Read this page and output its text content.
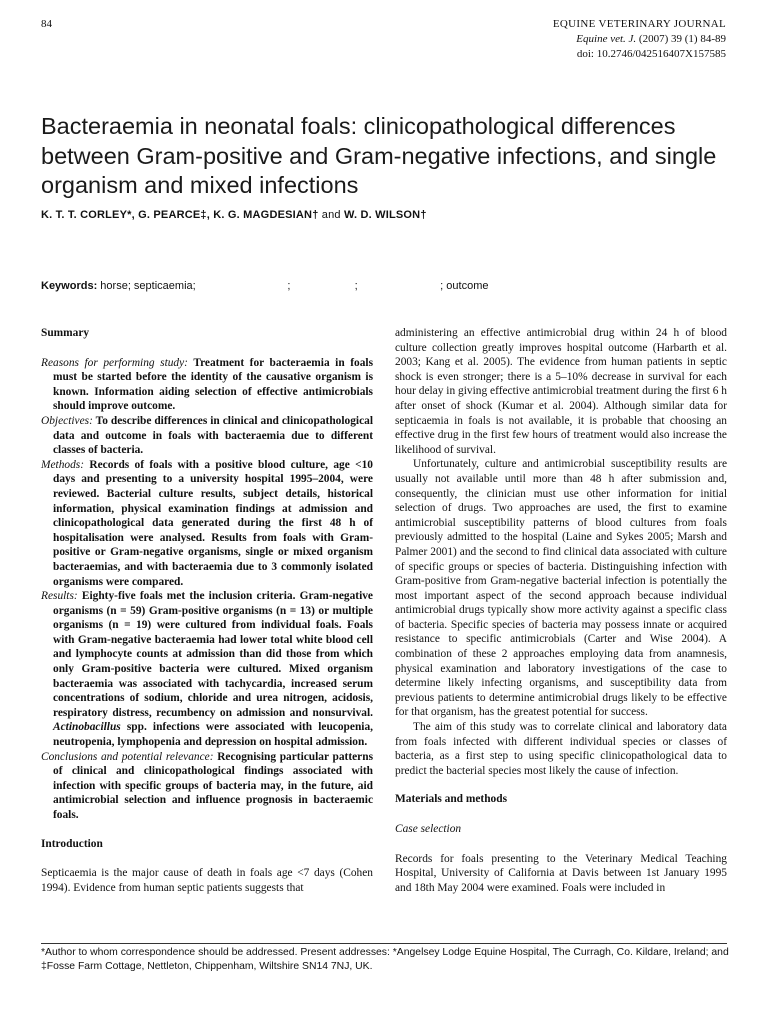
84	EQUINE VETERINARY JOURNAL
Equine vet. J. (2007) 39 (1) 84-89
doi: 10.2746/042516407X157585
Bacteraemia in neonatal foals: clinicopathological differences between Gram-positive and Gram-negative infections, and single organism and mixed infections
K. T. T. CORLEY*, G. PEARCE‡, K. G. MAGDESIAN† and W. D. WILSON†
Keywords: horse; septicaemia;                              ;                     ;                           ; outcome

Summary

Reasons for performing study: Treatment for bacteraemia in foals must be started before the identity of the causative organism is known. Information aiding selection of effective antimicrobials should improve outcome.

Objectives: To describe differences in clinical and clinicopathological data and outcome in foals with bacteraemia due to different classes of bacteria.

Methods: Records of foals with a positive blood culture, age <10 days and presenting to a university hospital 1995–2004, were reviewed. Bacterial culture results, subject details, historical information, physical examination findings at admission and clinicopathological data generated during the first 48 h of hospitalisation were analysed. Results from foals with Gram-positive or Gram-negative organisms, single or mixed organism bacteraemias, and with bacteraemia due to 3 commonly isolated organisms were compared.

Results: Eighty-five foals met the inclusion criteria. Gram-negative organisms (n = 59) Gram-positive organisms (n = 13) or multiple organisms (n = 19) were cultured from individual foals. Foals with Gram-negative bacteraemia had lower total white blood cell and lymphocyte counts at admission than did those from which only Gram-positive bacteria were cultured. Mixed organism bacteraemia was associated with tachycardia, increased serum concentrations of sodium, chloride and urea nitrogen, acidosis, respiratory distress, recumbency on admission and nonsurvival. Actinobacillus spp. infections were associated with leucopenia, neutropenia, lymphopenia and depression on hospital admission.

Conclusions and potential relevance: Recognising particular patterns of clinical and clinicopathological findings associated with infection with specific groups of bacteria may, in the future, aid antimicrobial selection and influence prognosis in bacteraemic foals.

Introduction

Septicaemia is the major cause of death in foals age <7 days (Cohen 1994). Evidence from human septic patients suggests that

administering an effective antimicrobial drug within 24 h of blood culture collection greatly improves hospital outcome (Harbarth et al. 2003; Kang et al. 2005). The evidence from human patients in septic shock is even stronger; there is a 5–10% decrease in survival for each hour delay in giving effective antimicrobial treatment during the first 6 h after onset of shock (Kumar et al. 2004). Although similar data for septicaemia in foals is not available, it is probable that choosing an effective drug in the first few hours of treatment would also increase the likelihood of survival.

Unfortunately, culture and antimicrobial susceptibility results are usually not available until more than 48 h after submission and, consequently, the clinician must use other information for initial selection of drugs. Two approaches are used, the first to examine antimicrobial susceptibility patterns of blood cultures from foals previously admitted to the hospital (Laine and Sykes 2005; Marsh and Palmer 2001) and the second to find clinical data associated with culture of specific groups or species of bacteria. Distinguishing infection with Gram-positive from Gram-negative bacterial infection is potentially the most important aspect of the second approach because individual antimicrobial drugs typically show more activity against a specific class of bacteria. Specific species of bacteria may possess innate or acquired resistance to specific antimicrobials (Carter and Wise 2004). A combination of these 2 approaches employing data from anamnesis, physical examination and laboratory investigations of the case to determine likely infecting organisms, and susceptibility data from previous patients to determine antimicrobial drugs likely to be effective for that organism, has the greatest potential for success.

The aim of this study was to correlate clinical and laboratory data from foals infected with different individual species or classes of bacteria, as a first step to using specific clinicopathological data to predict the bacterial species most likely the cause of infection.

Materials and methods

Case selection

Records for foals presenting to the Veterinary Medical Teaching Hospital, University of California at Davis between 1st January 1995 and 18th May 2004 were examined. Foals were included in

*Author to whom correspondence should be addressed. Present addresses: *Angelsey Lodge Equine Hospital, The Curragh, Co. Kildare, Ireland; and ‡Fosse Farm Cottage, Nettleton, Chippenham, Wiltshire SN14 7NJ, UK.
